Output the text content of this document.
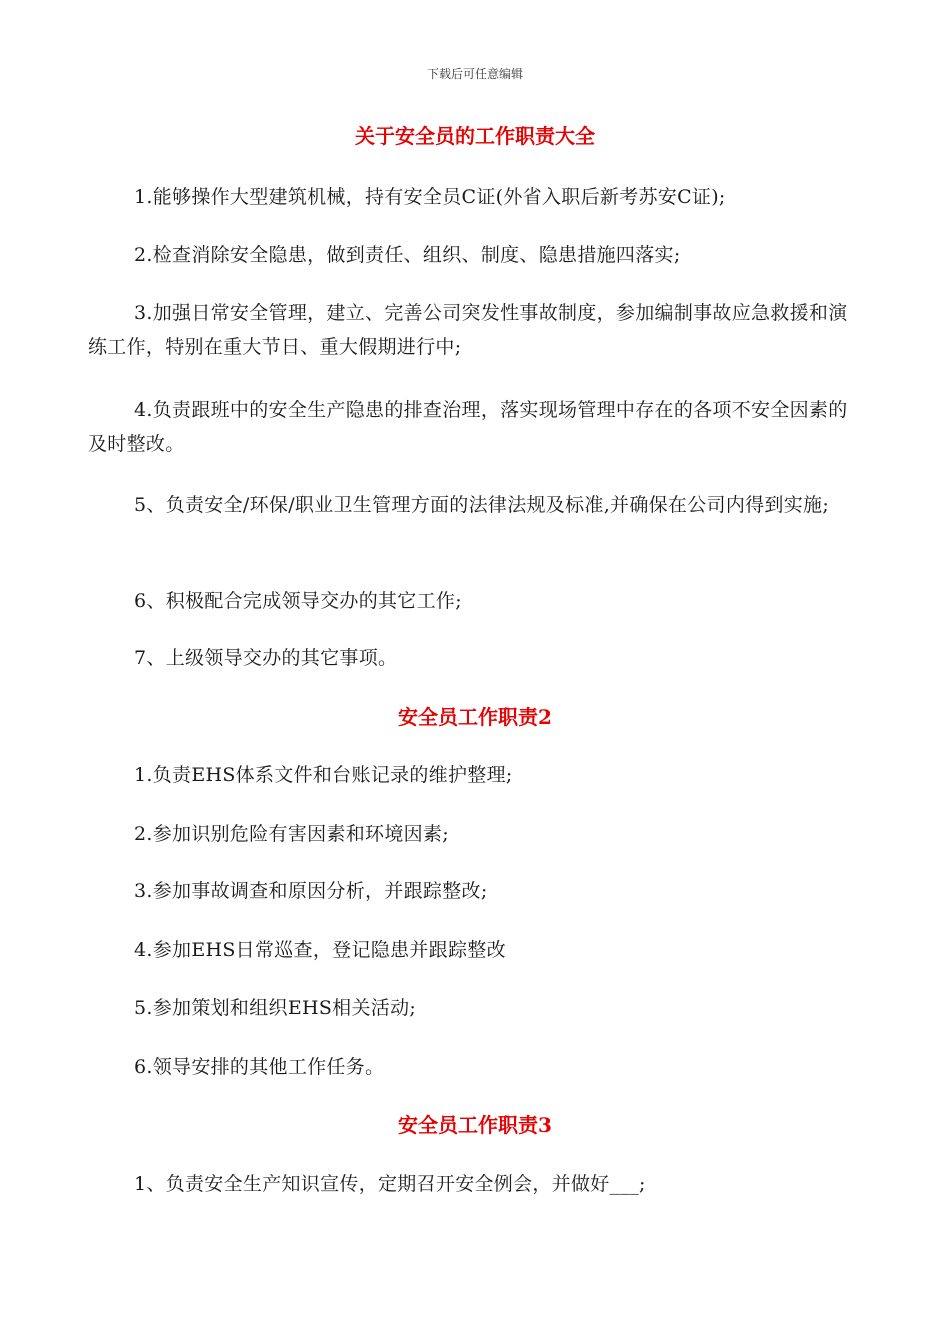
下载后可任意编辑
关于安全员的工作职责大全
1.能够操作大型建筑机械，持有安全员C证(外省入职后新考苏安C证);
2.检查消除安全隐患，做到责任、组织、制度、隐患措施四落实;
3.加强日常安全管理，建立、完善公司突发性事故制度，参加编制事故应急救援和演练工作，特别在重大节日、重大假期进行中;
4.负责跟班中的安全生产隐患的排查治理，落实现场管理中存在的各项不安全因素的及时整改。
5、负责安全/环保/职业卫生管理方面的法律法规及标准,并确保在公司内得到实施;
6、积极配合完成领导交办的其它工作;
7、上级领导交办的其它事项。
安全员工作职责2
1.负责EHS体系文件和台账记录的维护整理;
2.参加识别危险有害因素和环境因素;
3.参加事故调查和原因分析，并跟踪整改;
4.参加EHS日常巡查，登记隐患并跟踪整改
5.参加策划和组织EHS相关活动;
6.领导安排的其他工作任务。
安全员工作职责3
1、负责安全生产知识宣传，定期召开安全例会，并做好___;
